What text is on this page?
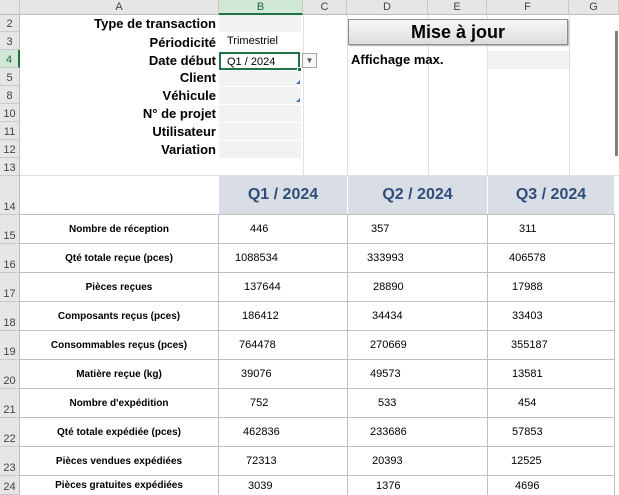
A	B	C	D	E	F	G
2
3
4
5
8
10
11
12
13
14
15
16
17
18
19
20
21
22
23
24
Type de transaction
Périodicité	Trimestriel
Date début	Q1 / 2024	▼
Client
Véhicule
N° de projet
Utilisateur
Variation
Mise à jour
Affichage max.
Q1 / 2024	Q2 / 2024	Q3 / 2024
Nombre de réception	446	357	311
Qté totale reçue (pces)	1088534	333993	406578
Pièces reçues	137644	28890	17988
Composants reçus (pces)	186412	34434	33403
Consommables reçus (pces)	764478	270669	355187
Matière reçue (kg)	39076	49573	13581
Nombre d'expédition	752	533	454
Qté totale expédiée (pces)	462836	233686	57853
Pièces vendues expédiées	72313	20393	12525
Pièces gratuites expédiées	3039	1376	4696
